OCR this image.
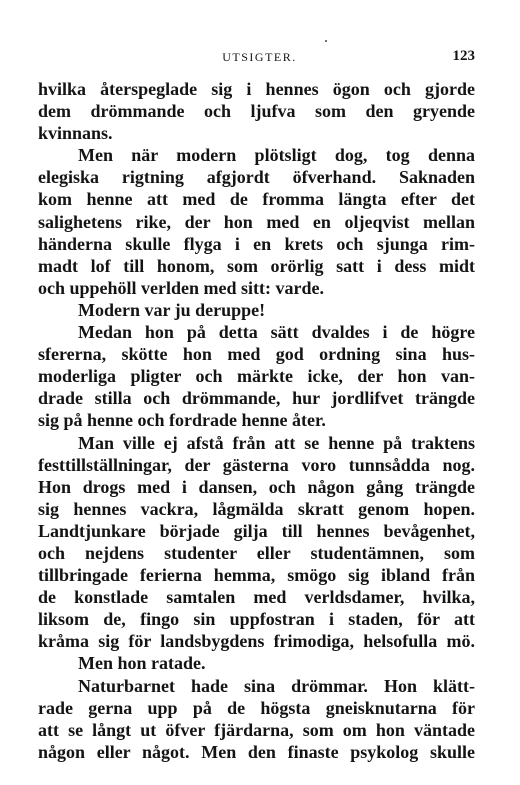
UTSIGTER.	123
hvilka återspeglade sig i hennes ögon och gjorde
dem drömmande och ljufva som den gryende
kvinnans.
Men när modern plötsligt dog, tog denna
elegiska rigtning afgjordt öfverhand. Saknaden
kom henne att med de fromma längta efter det
salighetens rike, der hon med en oljeqvist mellan
händerna skulle flyga i en krets och sjunga rim-
madt lof till honom, som orörlig satt i dess midt
och uppehöll verlden med sitt: varde.
Modern var ju deruppe!
Medan hon på detta sätt dvaldes i de högre
sfererna, skötte hon med god ordning sina hus-
moderliga pligter och märkte icke, der hon van-
drade stilla och drömmande, hur jordlifvet trängde
sig på henne och fordrade henne åter.
Man ville ej afstå från att se henne på traktens
festtillställningar, der gästerna voro tunnsådda nog.
Hon drogs med i dansen, och någon gång trängde
sig hennes vackra, lågmälda skratt genom hopen.
Landtjunkare började gilja till hennes bevågenhet,
och nejdens studenter eller studentämnen, som
tillbringade ferierna hemma, smögo sig ibland från
de konstlade samtalen med verldsdamer, hvilka,
liksom de, fingo sin uppfostran i staden, för att
kråma sig för landsbygdens frimodiga, helsofulla mö.
Men hon ratade.
Naturbarnet hade sina drömmar. Hon klätt-
rade gerna upp på de högsta gneisknutarna för
att se långt ut öfver fjärdarna, som om hon väntade
någon eller något. Men den finaste psykolog skulle
